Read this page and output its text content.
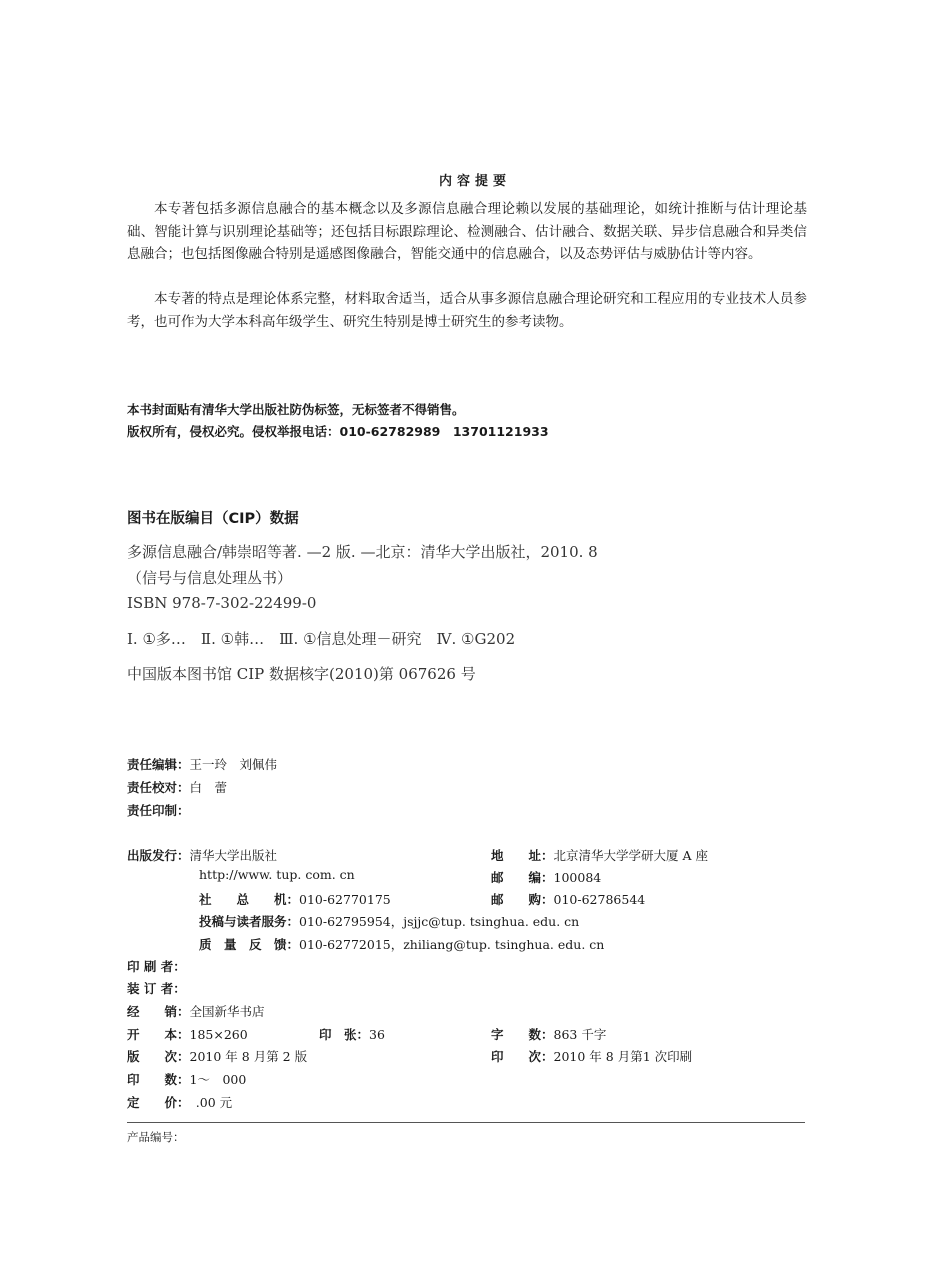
内容提要
本专著包括多源信息融合的基本概念以及多源信息融合理论赖以发展的基础理论，如统计推断与估计理论基础、智能计算与识别理论基础等；还包括目标跟踪理论、检测融合、估计融合、数据关联、异步信息融合和异类信息融合；也包括图像融合特别是遥感图像融合，智能交通中的信息融合，以及态势评估与威胁估计等内容。
本专著的特点是理论体系完整，材料取舍适当，适合从事多源信息融合理论研究和工程应用的专业技术人员参考，也可作为大学本科高年级学生、研究生特别是博士研究生的参考读物。
本书封面贴有清华大学出版社防伪标签，无标签者不得销售。
版权所有，侵权必究。侵权举报电话：010-62782989　13701121933
图书在版编目（CIP）数据
多源信息融合/韩崇昭等著. —2 版. —北京：清华大学出版社，2010. 8
（信号与信息处理丛书）
ISBN 978-7-302-22499-0
Ⅰ. ①多…　Ⅱ. ①韩…　Ⅲ. ①信息处理－研究　Ⅳ. ①G202
中国版本图书馆 CIP 数据核字(2010)第 067626 号
责任编辑：王一玲　刘佩伟
责任校对：白　蕾
责任印制：
出版发行：清华大学出版社	地　　址：北京清华大学学研大厦 A 座
http://www. tup. com. cn	邮　　编：100084
社　　总　　机：010-62770175	邮　　购：010-62786544
投稿与读者服务：010-62795954，jsjjc@tup. tsinghua. edu. cn
质　量　反　馈：010-62772015，zhiliang@tup. tsinghua. edu. cn
印 刷 者：
装 订 者：
经　　销：全国新华书店
开　　本：185×260	印　张：36	字　　数：863 千字
版　　次：2010 年 8 月第 2 版	印　　次：2010 年 8 月第1 次印刷
印　　数：1～　000
定　　价：　.00 元
产品编号：
